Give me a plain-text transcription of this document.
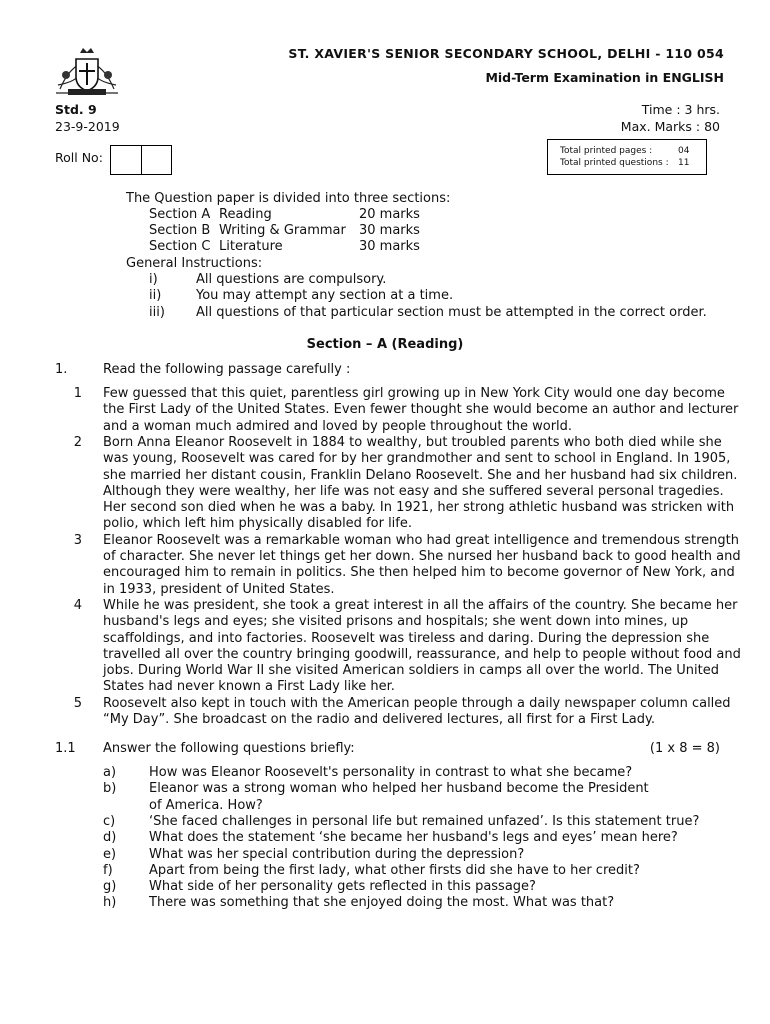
ST. XAVIER'S SENIOR SECONDARY SCHOOL, DELHI - 110 054
Mid-Term Examination in ENGLISH
Std. 9
23-9-2019
Time : 3 hrs.
Max. Marks : 80
Roll No:	Total printed pages :	04
Total printed questions :	11
The Question paper is divided into three sections:
Section A Reading	20 marks
Section B Writing & Grammar 30 marks
Section C Literature	30 marks
General Instructions:
i)	All questions are compulsory.
ii)	You may attempt any section at a time.
iii) All questions of that particular section must be attempted in the correct order.
Section – A (Reading)
1.	Read the following passage carefully :
1 Few guessed that this quiet, parentless girl growing up in New York City would one day become
the First Lady of the United States. Even fewer thought she would become an author and lecturer
and a woman much admired and loved by people throughout the world.
2 Born Anna Eleanor Roosevelt in 1884 to wealthy, but troubled parents who both died while she
was young, Roosevelt was cared for by her grandmother and sent to school in England. In 1905,
she married her distant cousin, Franklin Delano Roosevelt. She and her husband had six children.
Although they were wealthy, her life was not easy and she suffered several personal tragedies.
Her second son died when he was a baby. In 1921, her strong athletic husband was stricken with
polio, which left him physically disabled for life.
3 Eleanor Roosevelt was a remarkable woman who had great intelligence and tremendous strength
of character. She never let things get her down. She nursed her husband back to good health and
encouraged him to remain in politics. She then helped him to become governor of New York, and
in 1933, president of United States.
4 While he was president, she took a great interest in all the affairs of the country. She became her
husband's legs and eyes; she visited prisons and hospitals; she went down into mines, up
scaffoldings, and into factories. Roosevelt was tireless and daring. During the depression she
travelled all over the country bringing goodwill, reassurance, and help to people without food and
jobs. During World War II she visited American soldiers in camps all over the world. The United
States had never known a First Lady like her.
5 Roosevelt also kept in touch with the American people through a daily newspaper column called
“My Day”. She broadcast on the radio and delivered lectures, all first for a First Lady.
1.1 Answer the following questions briefly:	(1 x 8 = 8)
a)	How was Eleanor Roosevelt's personality in contrast to what she became?
b)	Eleanor was a strong woman who helped her husband become the President
of America. How?
c)	‘She faced challenges in personal life but remained unfazed’. Is this statement true?
d)	What does the statement ‘she became her husband's legs and eyes’ mean here?
e)	What was her special contribution during the depression?
f)	Apart from being the first lady, what other firsts did she have to her credit?
g)	What side of her personality gets reflected in this passage?
h)	There was something that she enjoyed doing the most. What was that?
